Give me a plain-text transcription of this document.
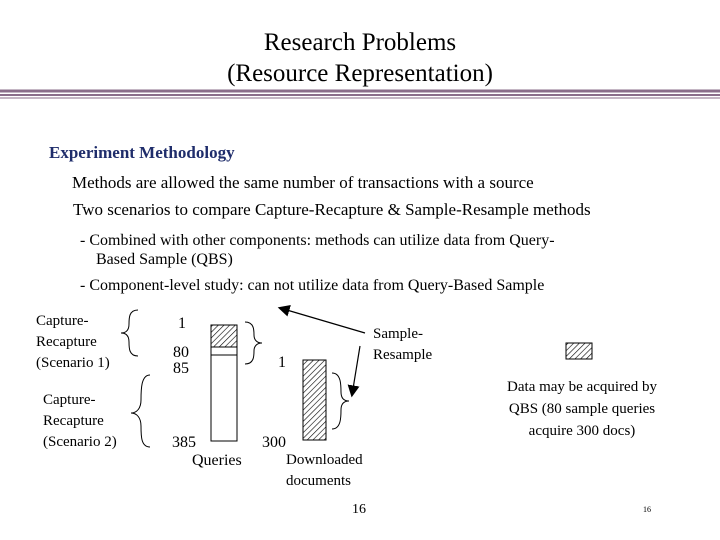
Research Problems
(Resource Representation)
Experiment Methodology
Methods are allowed the same number of transactions with a source
Two scenarios to compare Capture-Recapture & Sample-Resample methods
- Combined with other components: methods can utilize data from Query-
Based Sample (QBS)
- Component-level study: can not utilize data from Query-Based Sample
Capture-
Recapture
(Scenario 1)
Capture-
Recapture
(Scenario 2)
1
80
85	1
385
Queries
300
Sample-
Resample
Downloaded
documents
Data may be acquired by
QBS (80 sample queries
acquire 300 docs)
16	16
